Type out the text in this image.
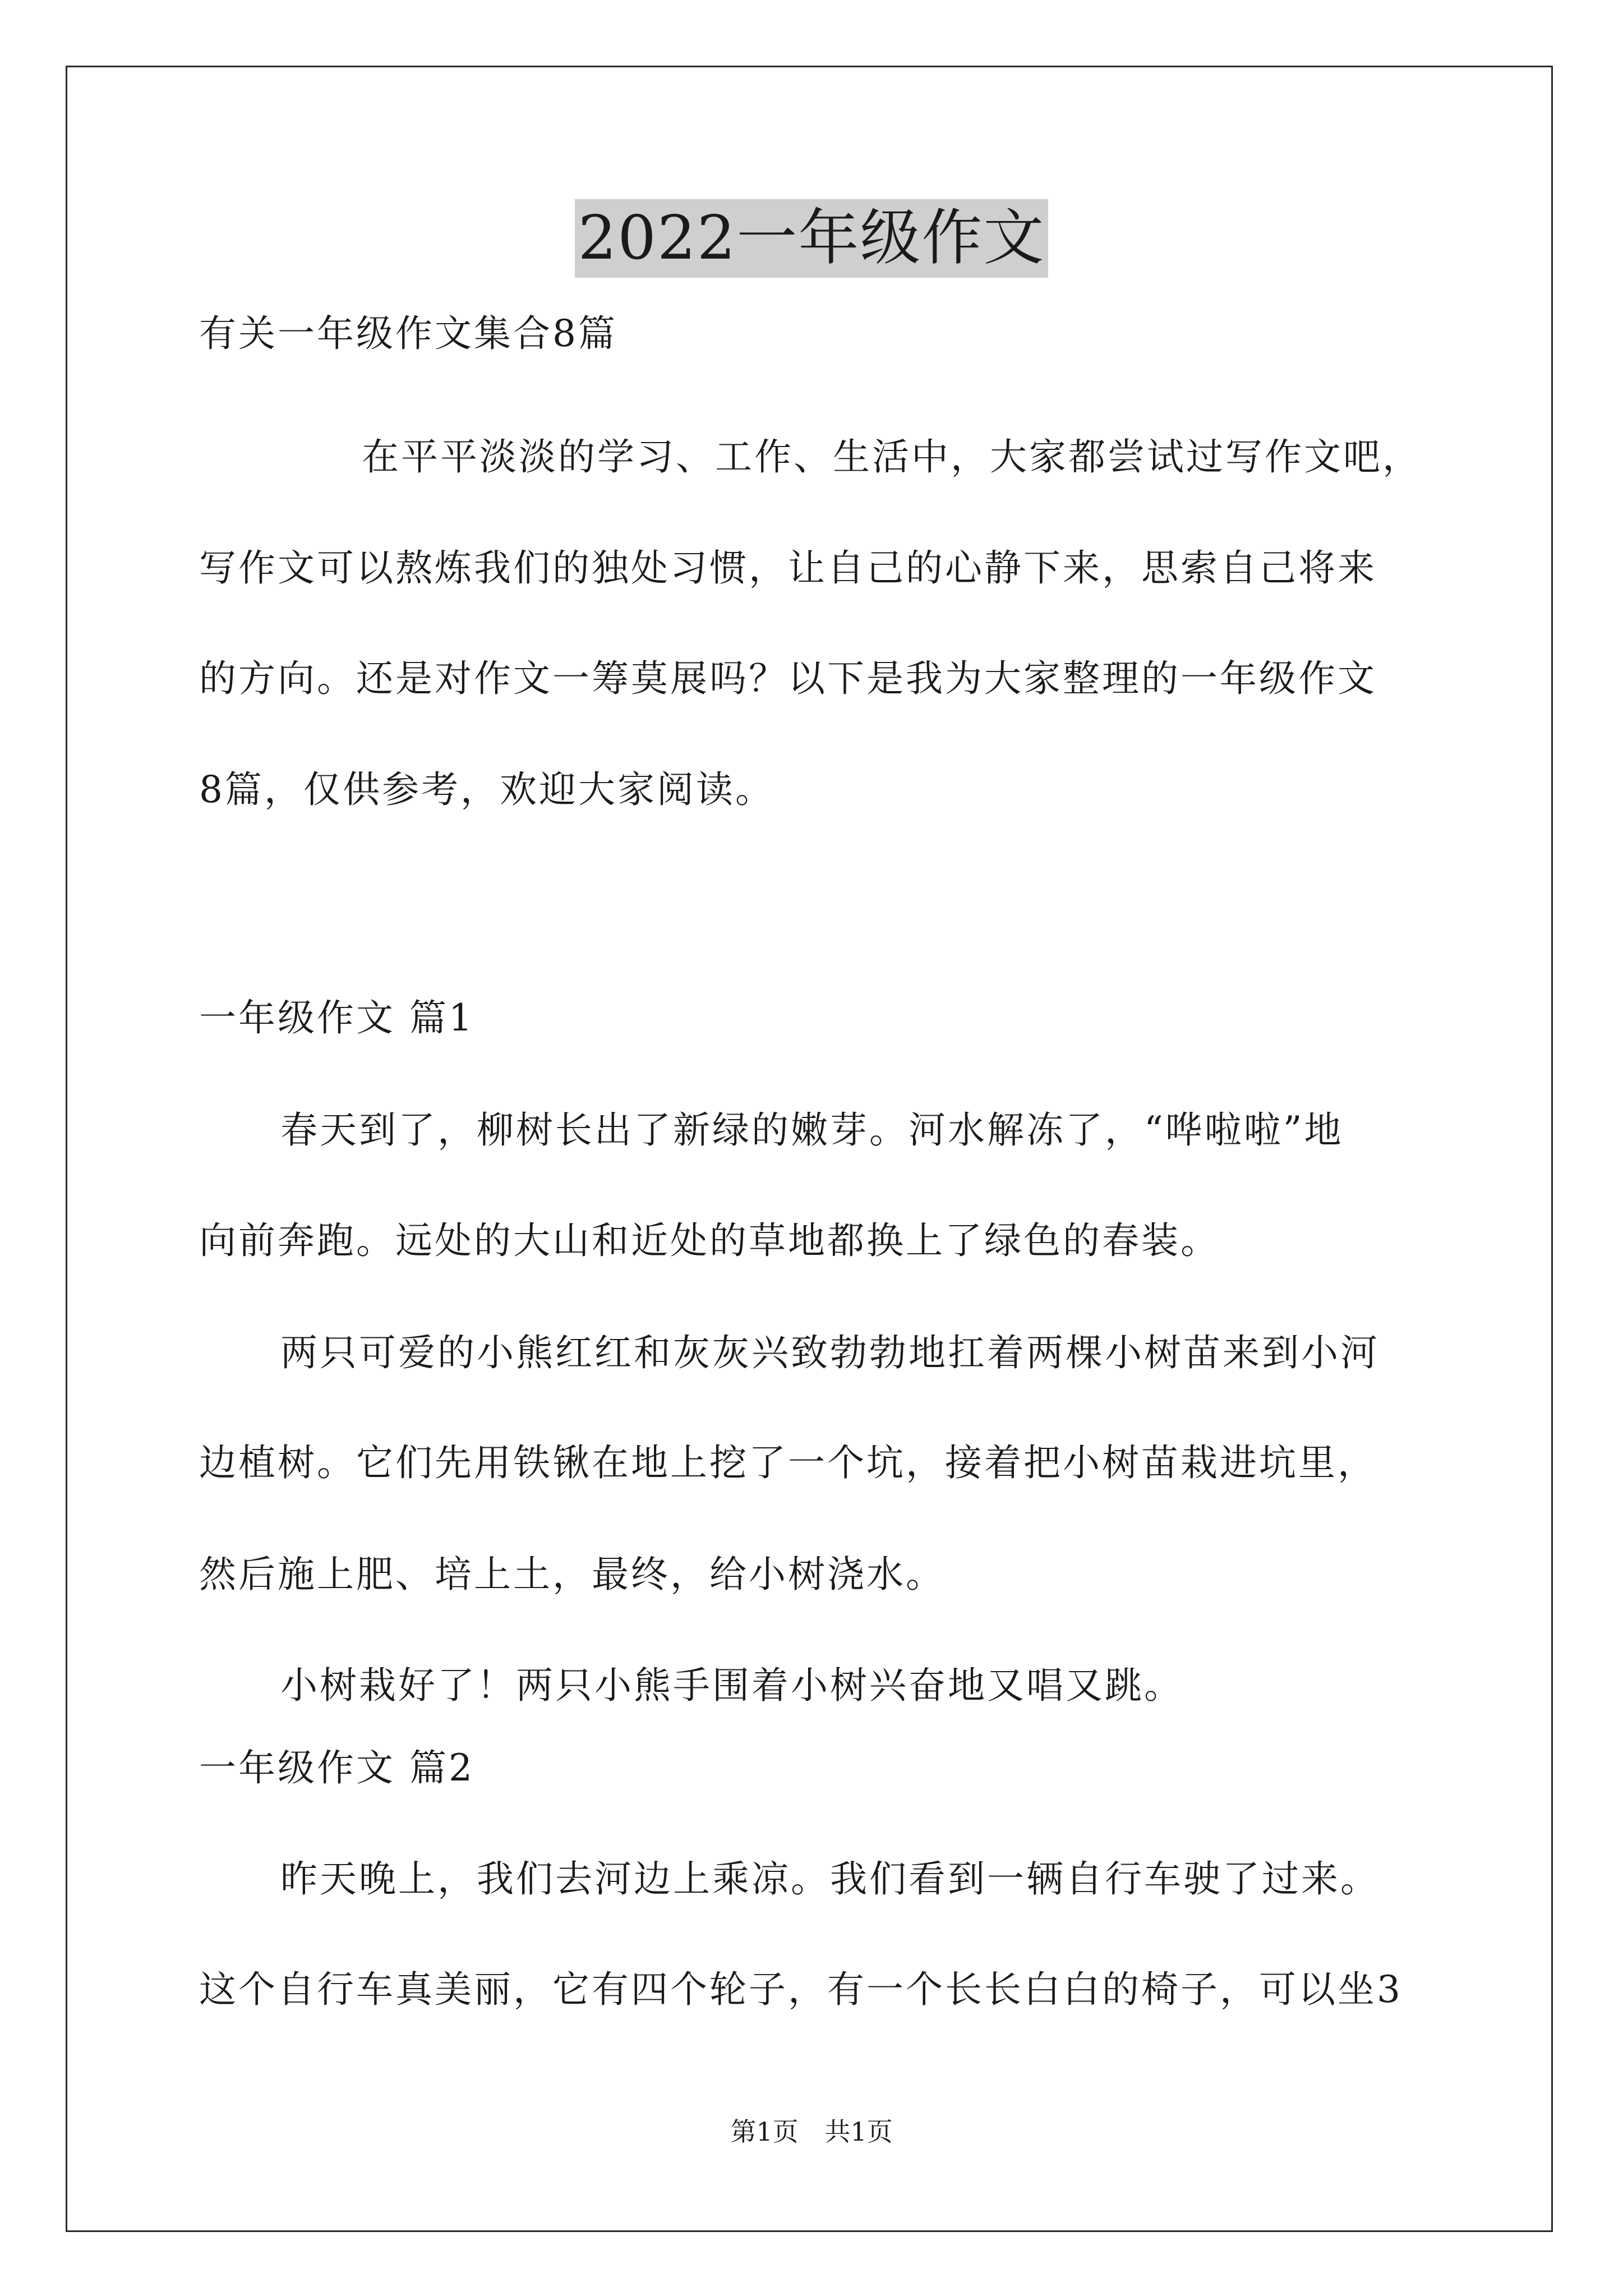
2022一年级作文
有关一年级作文集合8篇
在平平淡淡的学习、工作、生活中，大家都尝试过写作文吧，
写作文可以熬炼我们的独处习惯，让自己的心静下来，思索自己将来
的方向。还是对作文一筹莫展吗？以下是我为大家整理的一年级作文
8篇，仅供参考，欢迎大家阅读。
一年级作文 篇1
春天到了，柳树长出了新绿的嫩芽。河水解冻了，“哗啦啦”地
向前奔跑。远处的大山和近处的草地都换上了绿色的春装。
两只可爱的小熊红红和灰灰兴致勃勃地扛着两棵小树苗来到小河
边植树。它们先用铁锹在地上挖了一个坑，接着把小树苗栽进坑里，
然后施上肥、培上土，最终，给小树浇水。
小树栽好了！两只小熊手围着小树兴奋地又唱又跳。
一年级作文 篇2
昨天晚上，我们去河边上乘凉。我们看到一辆自行车驶了过来。
这个自行车真美丽，它有四个轮子，有一个长长白白的椅子，可以坐3
第1页 共1页
